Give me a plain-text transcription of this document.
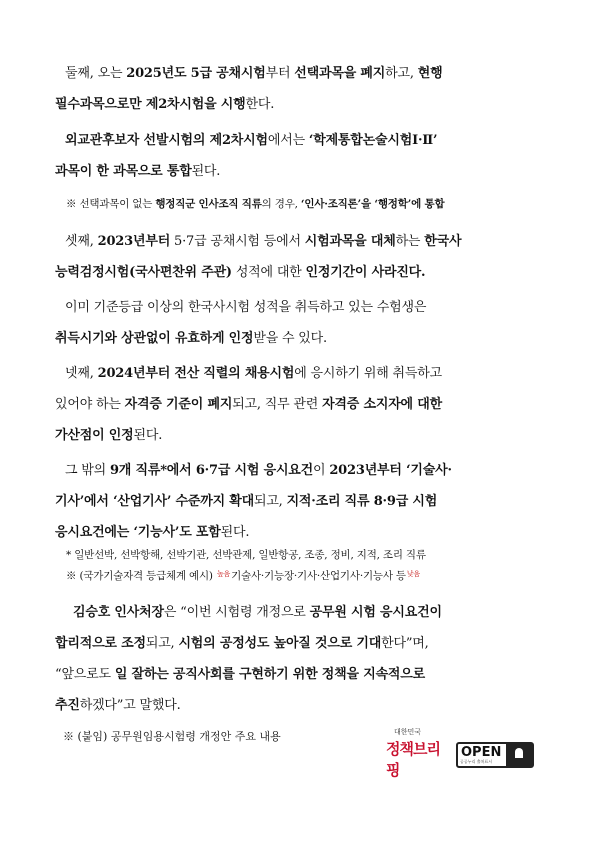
둘째, 오는 2025년도 5급 공채시험부터 선택과목을 폐지하고, 현행
필수과목으로만 제2차시험을 시행한다.

외교관후보자 선발시험의 제2차시험에서는 ‘학제통합논술시험Ⅰ·Ⅱ’
과목이 한 과목으로 통합된다.

※ 선택과목이 없는 행정직군 인사조직 직류의 경우, ‘인사·조직론’을 ‘행정학’에 통합

셋째, 2023년부터 5·7급 공채시험 등에서 시험과목을 대체하는 한국사
능력검정시험(국사편찬위 주관) 성적에 대한 인정기간이 사라진다.

이미 기준등급 이상의 한국사시험 성적을 취득하고 있는 수험생은
취득시기와 상관없이 유효하게 인정받을 수 있다.

넷째, 2024년부터 전산 직렬의 채용시험에 응시하기 위해 취득하고
있어야 하는 자격증 기준이 폐지되고, 직무 관련 자격증 소지자에 대한
가산점이 인정된다.

그 밖의 9개 직류*에서 6·7급 시험 응시요건이 2023년부터 ‘기술사·
기사’에서 ‘산업기사’ 수준까지 확대되고, 지적·조리 직류 8·9급 시험
응시요건에는 ‘기능사’도 포함된다.

* 일반선박, 선박항해, 선박기관, 선박관제, 일반항공, 조종, 정비, 지적, 조리 직류

※ (국가기술자격 등급체계 예시) 높음기술사·기능장·기사·산업기사·기능사 등낮음

김승호 인사처장은 “이번 시험령 개정으로 공무원 시험 응시요건이
합리적으로 조정되고, 시험의 공정성도 높아질 것으로 기대한다”며,
“앞으로도 일 잘하는 공직사회를 구현하기 위한 정책을 지속적으로
추진하겠다”고 말했다.

※ (붙임) 공무원임용시험령 개정안 주요 내용	대한민국
정책브리핑
OPEN
공공누리 출처표시
